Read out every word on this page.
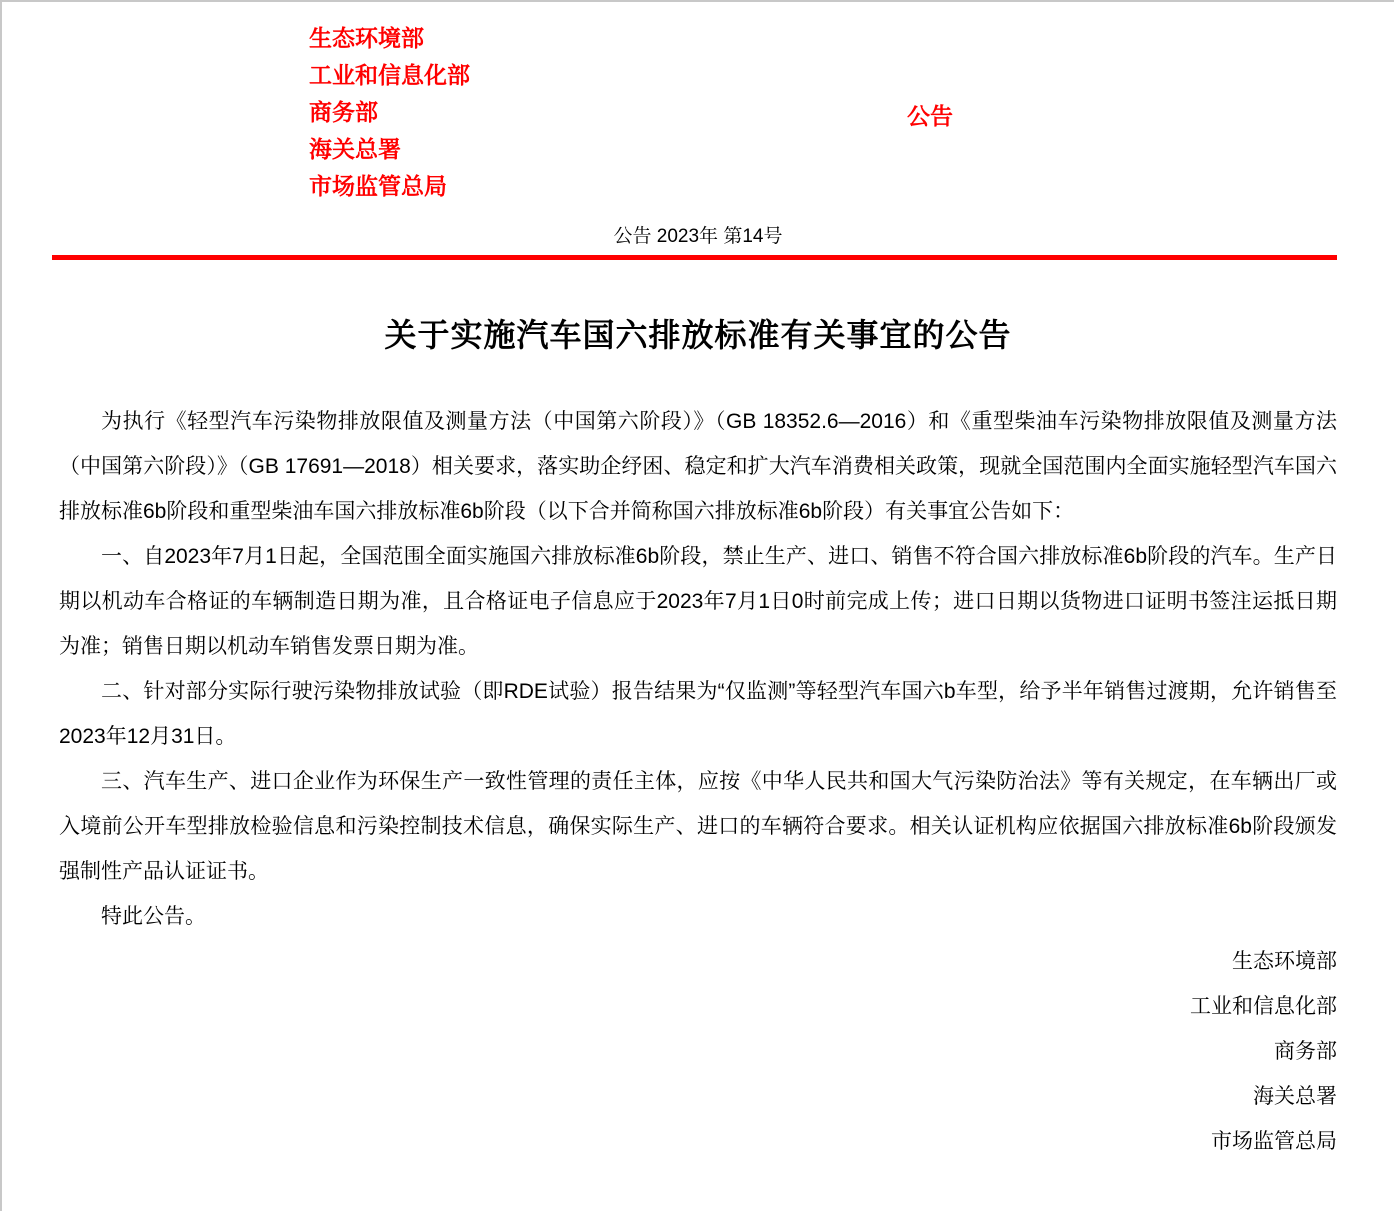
生态环境部
工业和信息化部
商务部
海关总署
市场监管总局
公告
公告 2023年 第14号
关于实施汽车国六排放标准有关事宜的公告

为执行《轻型汽车污染物排放限值及测量方法（中国第六阶段）》（GB 18352.6—2016）和《重型柴油车污染物排放限值及测量方法（中国第六阶段）》（GB 17691—2018）相关要求，落实助企纾困、稳定和扩大汽车消费相关政策，现就全国范围内全面实施轻型汽车国六排放标准6b阶段和重型柴油车国六排放标准6b阶段（以下合并简称国六排放标准6b阶段）有关事宜公告如下：

一、自2023年7月1日起，全国范围全面实施国六排放标准6b阶段，禁止生产、进口、销售不符合国六排放标准6b阶段的汽车。生产日期以机动车合格证的车辆制造日期为准，且合格证电子信息应于2023年7月1日0时前完成上传；进口日期以货物进口证明书签注运抵日期为准；销售日期以机动车销售发票日期为准。

二、针对部分实际行驶污染物排放试验（即RDE试验）报告结果为“仅监测”等轻型汽车国六b车型，给予半年销售过渡期，允许销售至2023年12月31日。

三、汽车生产、进口企业作为环保生产一致性管理的责任主体，应按《中华人民共和国大气污染防治法》等有关规定，在车辆出厂或入境前公开车型排放检验信息和污染控制技术信息，确保实际生产、进口的车辆符合要求。相关认证机构应依据国六排放标准6b阶段颁发强制性产品认证证书。

特此公告。

生态环境部

工业和信息化部

商务部

海关总署

市场监管总局
